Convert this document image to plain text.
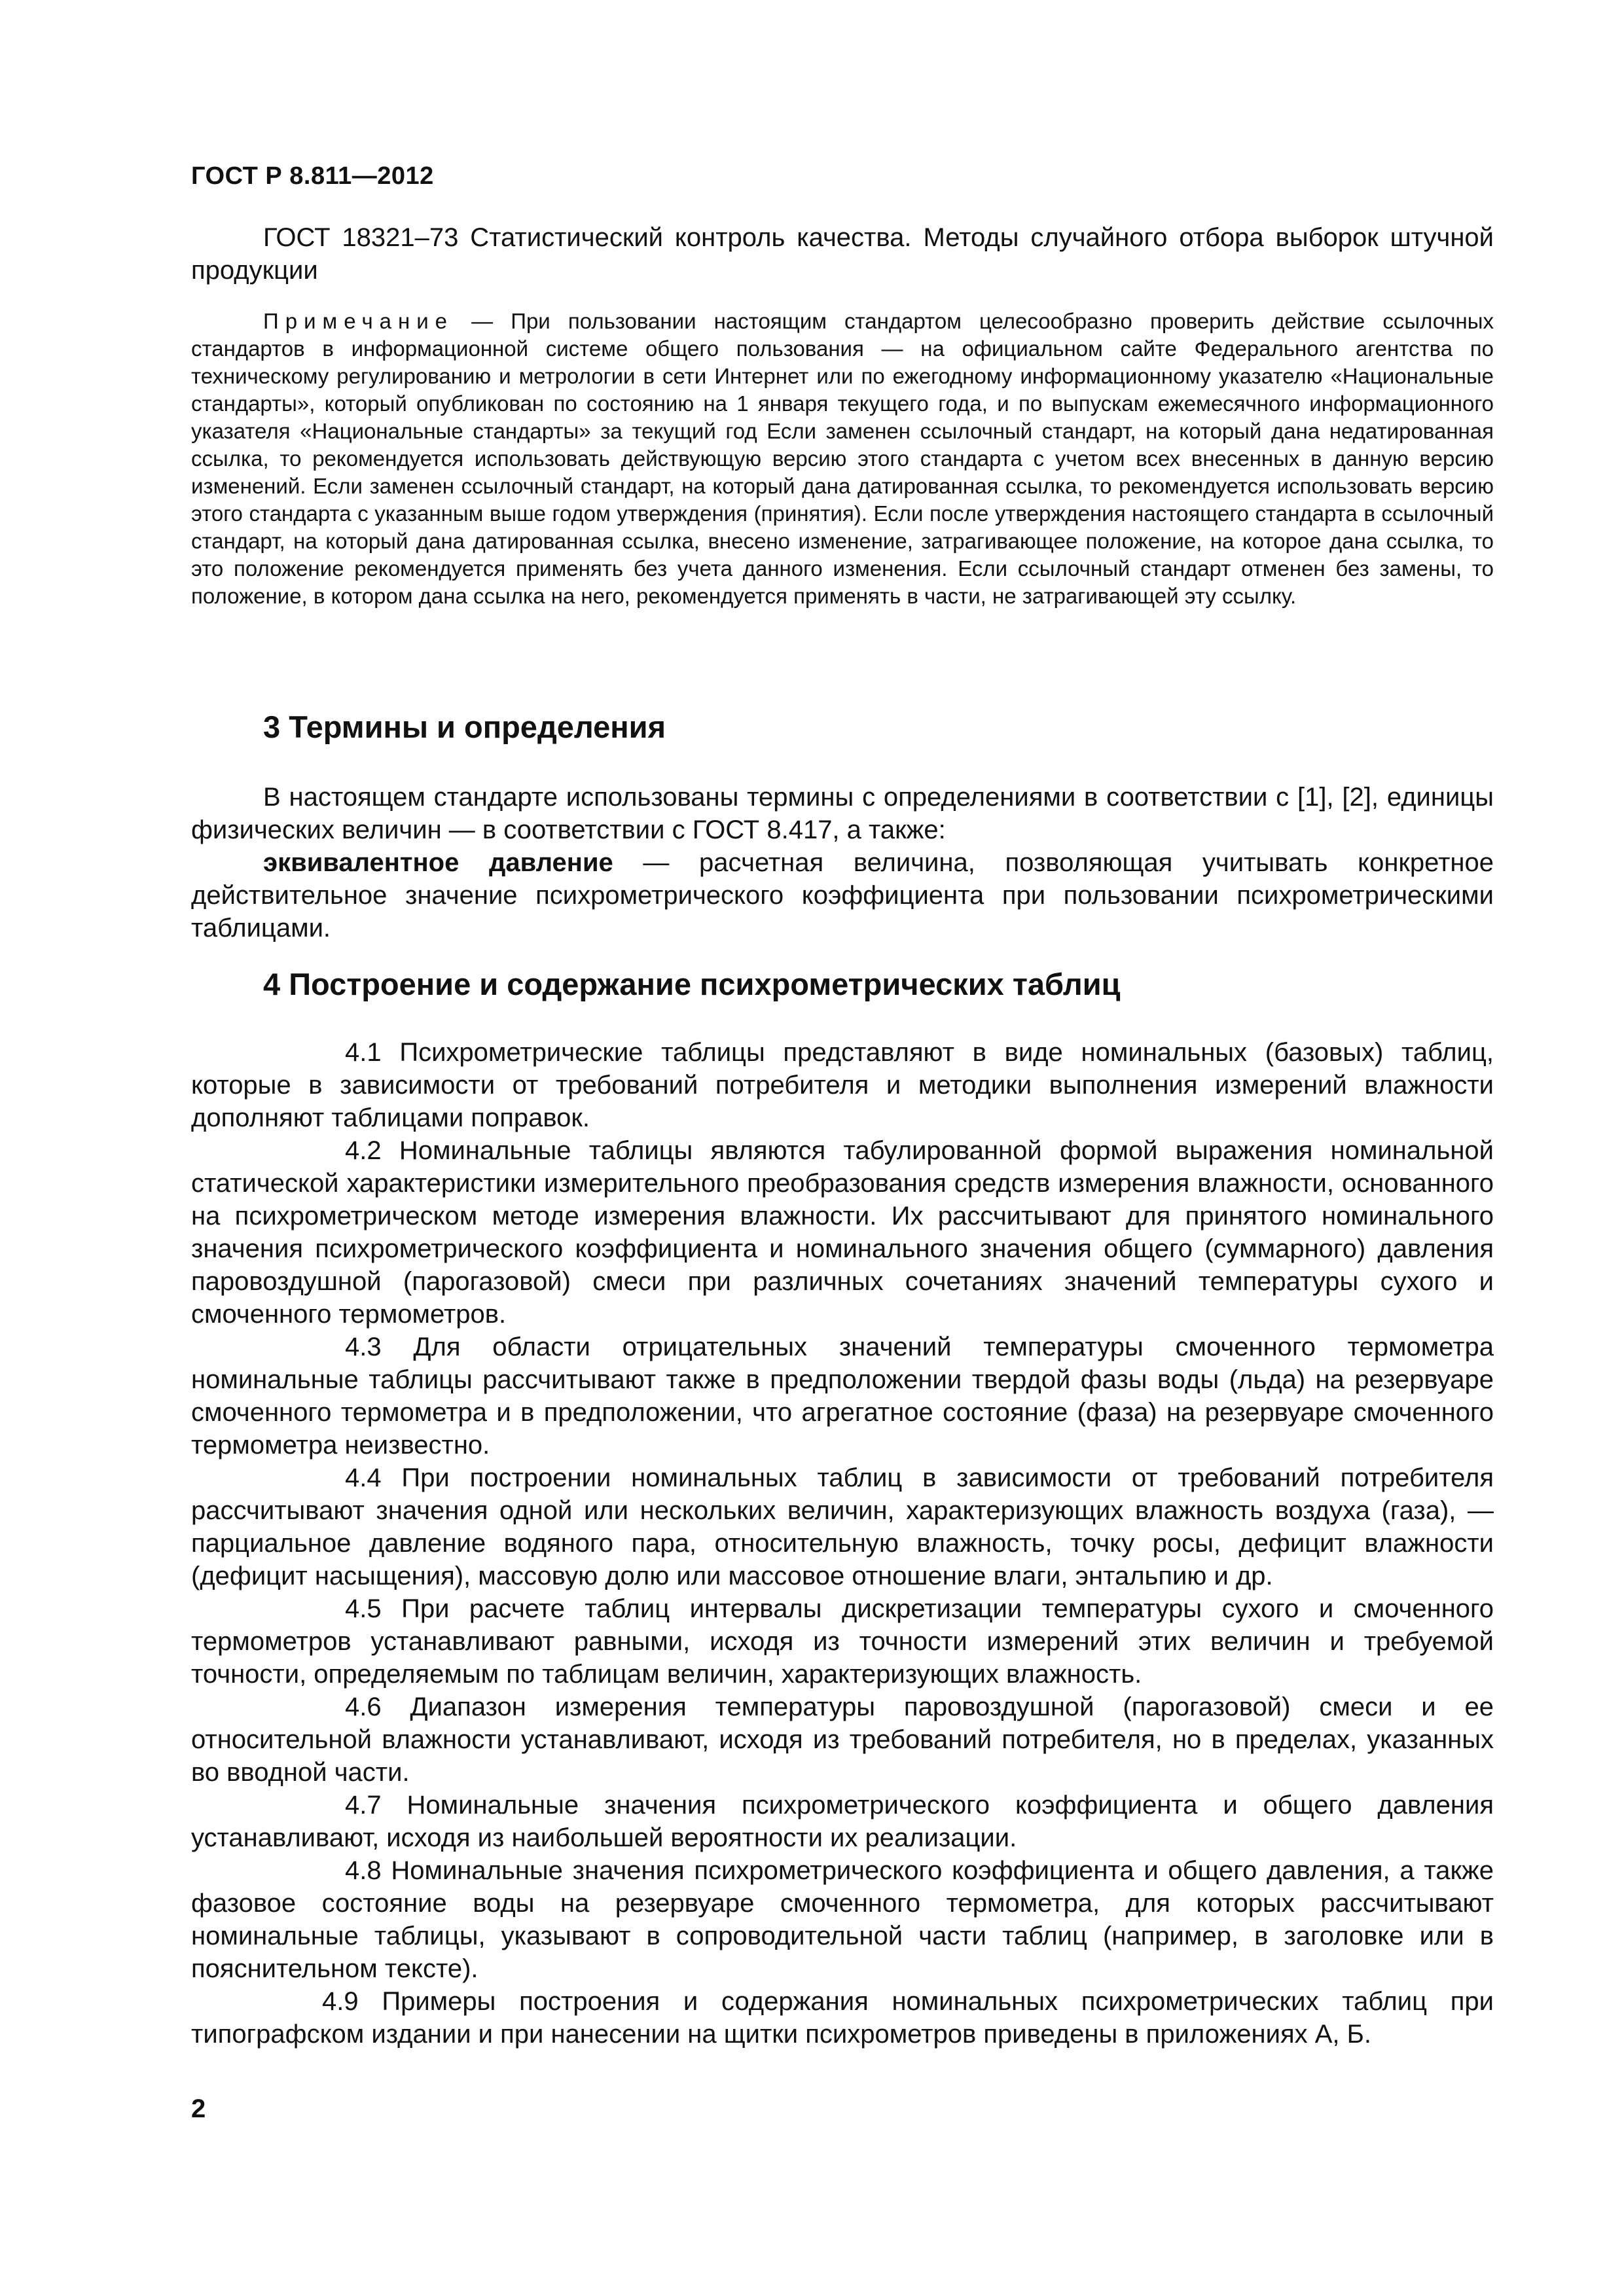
ГОСТ Р 8.811—2012

ГОСТ 18321–73 Статистический контроль качества. Методы случайного отбора выборок штучной продукции

Примечание — При пользовании настоящим стандартом целесообразно проверить действие ссылочных стандартов в информационной системе общего пользования — на официальном сайте Федерального агентства по техническому регулированию и метрологии в сети Интернет или по ежегодному информационному указателю «Национальные стандарты», который опубликован по состоянию на 1 января текущего года, и по выпускам ежемесячного информационного указателя «Национальные стандарты» за текущий год Если заменен ссылочный стандарт, на который дана недатированная ссылка, то рекомендуется использовать действующую версию этого стандарта с учетом всех внесенных в данную версию изменений. Если заменен ссылочный стандарт, на который дана датированная ссылка, то рекомендуется использовать версию этого стандарта с указанным выше годом утверждения (принятия). Если после утверждения настоящего стандарта в ссылочный стандарт, на который дана датированная ссылка, внесено изменение, затрагивающее положение, на которое дана ссылка, то это положение рекомендуется применять без учета данного изменения. Если ссылочный стандарт отменен без замены, то положение, в котором дана ссылка на него, рекомендуется применять в части, не затрагивающей эту ссылку.

3 Термины и определения

В настоящем стандарте использованы термины с определениями в соответствии с [1], [2], единицы физических величин — в соответствии с ГОСТ 8.417, а также:

эквивалентное давление — расчетная величина, позволяющая учитывать конкретное действительное значение психрометрического коэффициента при пользовании психрометрическими таблицами.

4 Построение и содержание психрометрических таблиц

4.1 Психрометрические таблицы представляют в виде номинальных (базовых) таблиц, которые в зависимости от требований потребителя и методики выполнения измерений влажности дополняют таблицами поправок.

4.2 Номинальные таблицы являются табулированной формой выражения номинальной статической характеристики измерительного преобразования средств измерения влажности, основанного на психрометрическом методе измерения влажности. Их рассчитывают для принятого номинального значения психрометрического коэффициента и номинального значения общего (суммарного) давления паровоздушной (парогазовой) смеси при различных сочетаниях значений температуры сухого и смоченного термометров.

4.3 Для области отрицательных значений температуры смоченного термометра номинальные таблицы рассчитывают также в предположении твердой фазы воды (льда) на резервуаре смоченного термометра и в предположении, что агрегатное состояние (фаза) на резервуаре смоченного термометра неизвестно.

4.4 При построении номинальных таблиц в зависимости от требований потребителя рассчитывают значения одной или нескольких величин, характеризующих влажность воздуха (газа), — парциальное давление водяного пара, относительную влажность, точку росы, дефицит влажности (дефицит насыщения), массовую долю или массовое отношение влаги, энтальпию и др.

4.5 При расчете таблиц интервалы дискретизации температуры сухого и смоченного термометров устанавливают равными, исходя из точности измерений этих величин и требуемой точности, определяемым по таблицам величин, характеризующих влажность.

4.6 Диапазон измерения температуры паровоздушной (парогазовой) смеси и ее относительной влажности устанавливают, исходя из требований потребителя, но в пределах, указанных во вводной части.

4.7 Номинальные значения психрометрического коэффициента и общего давления устанавливают, исходя из наибольшей вероятности их реализации.

4.8 Номинальные значения психрометрического коэффициента и общего давления, а также фазовое состояние воды на резервуаре смоченного термометра, для которых рассчитывают номинальные таблицы, указывают в сопроводительной части таблиц (например, в заголовке или в пояснительном тексте).

4.9 Примеры построения и содержания номинальных психрометрических таблиц при типографском издании и при нанесении на щитки психрометров приведены в приложениях А, Б.

2
